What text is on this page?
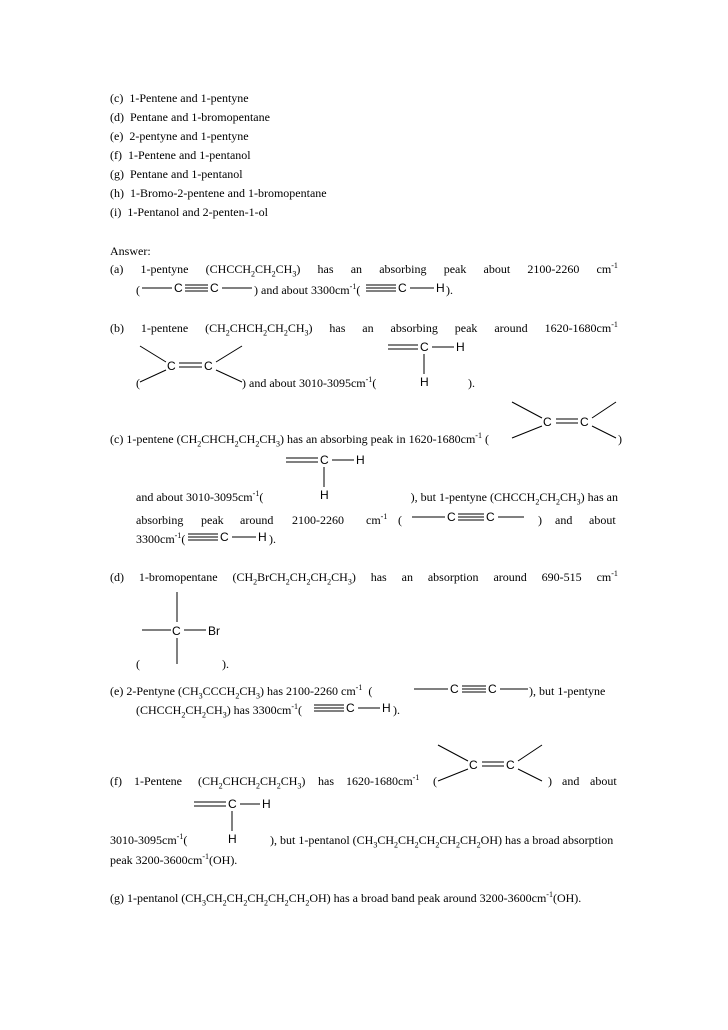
(c) 1-Pentene and 1-pentyne
(d) Pentane and 1-bromopentane
(e) 2-pentyne and 1-pentyne
(f) 1-Pentene and 1-pentanol
(g) Pentane and 1-pentanol
(h) 1-Bromo-2-pentene and 1-bromopentane
(i) 1-Pentanol and 2-penten-1-ol
Answer:
(a) 1-pentyne $(CHCCH_2CH_2CH_3)$ has an absorbing peak about 2100-2260 $cm^{-1}$
(	C C	) and about $3300cm^{-1}$(	C H ).
(b) 1-pentene $(CH_2CHCH_2CH_2CH_3)$ has an absorbing peak around $1620-1680cm^{-1}$
C H
H
C C
(	) and about $3010-3095cm^{-1}$(	).
C C
(c) 1-pentene $(CH_2CHCH_2CH_2CH_3)$ has an absorbing peak in $1620-1680cm^{-1}$ (	)
C H
H
and about $3010-3095cm^{-1}$(	), but 1-pentyne $(CHCCH_2CH_2CH_3)$ has an
absorbing peak around 2100-2260 $cm^{-1}$ (	C	C	) and about
$3300cm^{-1}$(	C H ).
(d) 1-bromopentane $(CH_2BrCH_2CH_2CH_2CH_3)$ has an absorption around 690-515 $cm^{-1}$
C Br
(	).
(e) 2-Pentyne $(CH_3CCCH_2CH_3)$ has 2100-2260 $cm^{-1}$ (	C C	), but 1-pentyne
$(CHCCH_2CH_2CH_3)$ has $3300cm^{-1}$(	C H ).
C C
(f) 1-Pentene $(CH_2CHCH_2CH_2CH_3)$ has $1620-1680cm^{-1}$ (	) and about
C H
H
$3010-3095cm^{-1}$(	), but 1-pentanol $(CH_3CH_2CH_2CH_2CH_2CH_2OH)$ has a broad absorption
peak $3200-3600cm^{-1}(OH)$.
(g) 1-pentanol $(CH_3CH_2CH_2CH_2CH_2CH_2OH)$ has a broad band peak around $3200-3600cm^{-1}(OH)$.
